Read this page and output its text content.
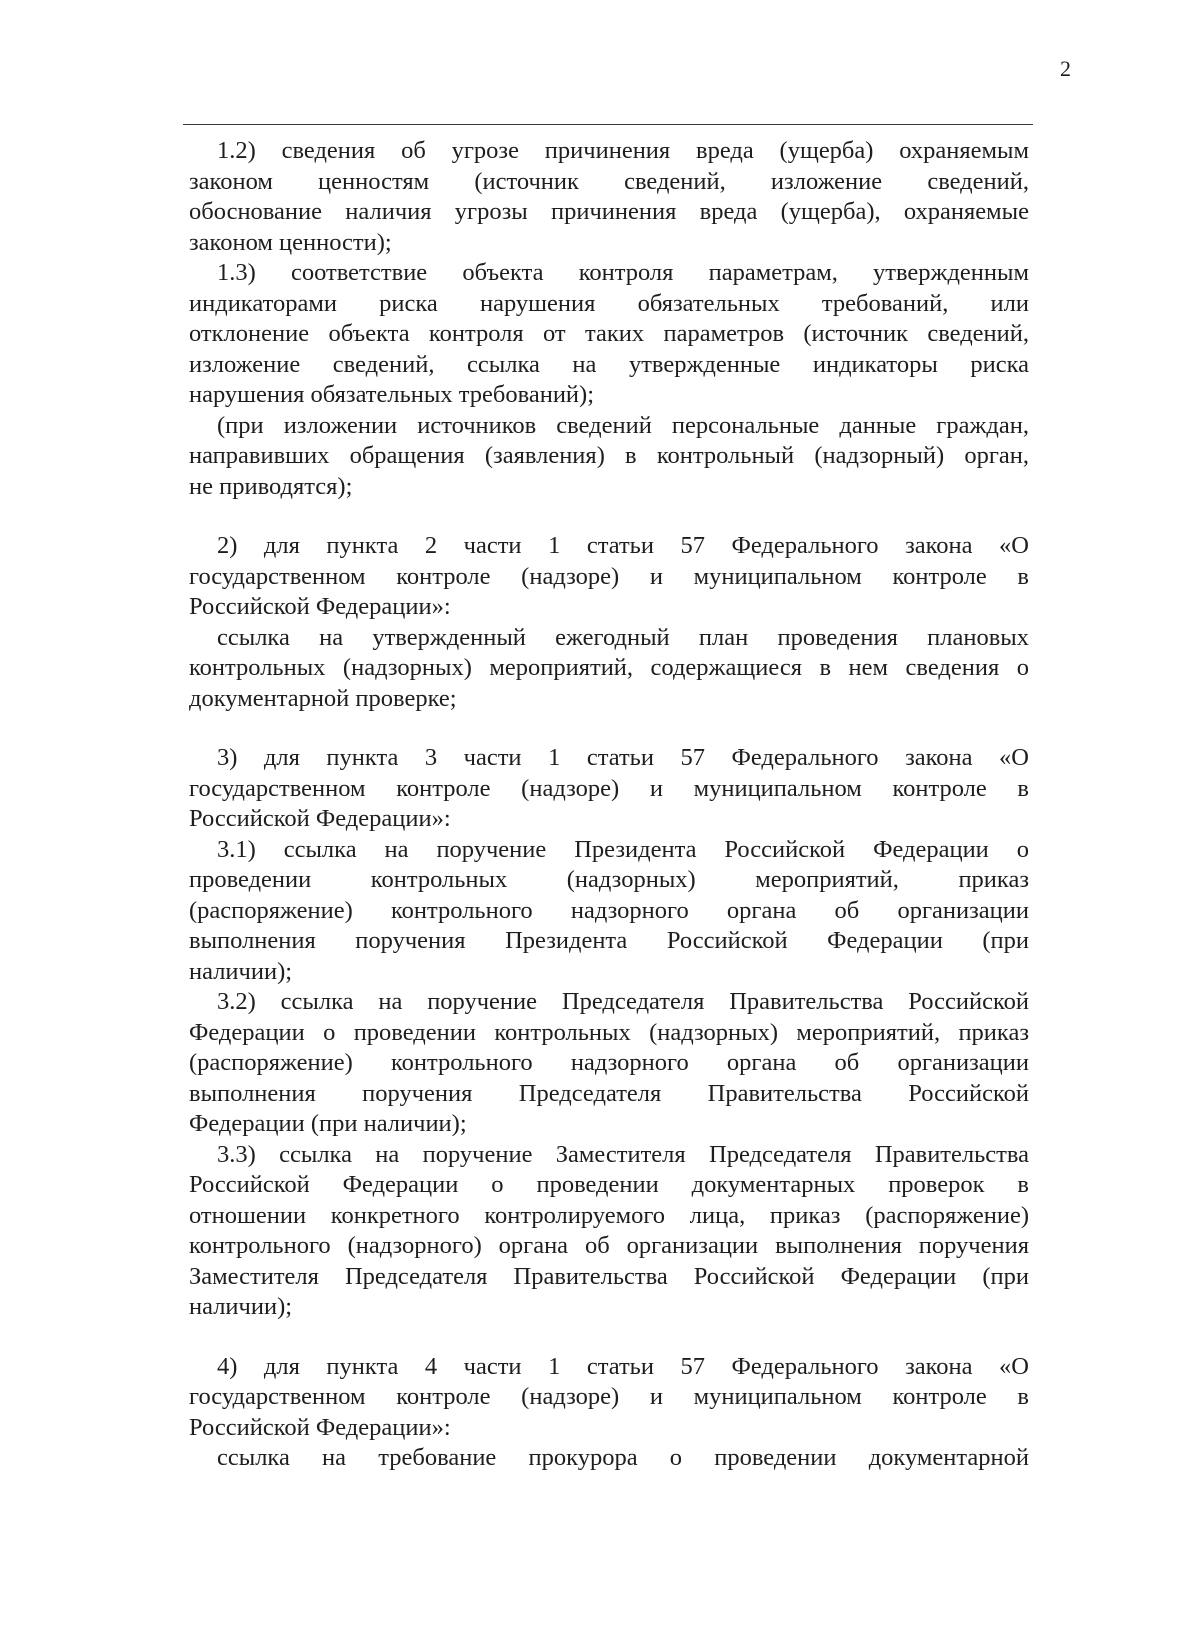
2
1.2) сведения об угрозе причинения вреда (ущерба) охраняемым
законом ценностям (источник сведений, изложение сведений,
обоснование наличия угрозы причинения вреда (ущерба), охраняемые
законом ценности);
1.3) соответствие объекта контроля параметрам, утвержденным
индикаторами риска нарушения обязательных требований, или
отклонение объекта контроля от таких параметров (источник сведений,
изложение сведений, ссылка на утвержденные индикаторы риска
нарушения обязательных требований);
(при изложении источников сведений персональные данные граждан,
направивших обращения (заявления) в контрольный (надзорный) орган,
не приводятся);
2) для пункта 2 части 1 статьи 57 Федерального закона «О
государственном контроле (надзоре) и муниципальном контроле в
Российской Федерации»:
ссылка на утвержденный ежегодный план проведения плановых
контрольных (надзорных) мероприятий, содержащиеся в нем сведения о
документарной проверке;
3) для пункта 3 части 1 статьи 57 Федерального закона «О
государственном контроле (надзоре) и муниципальном контроле в
Российской Федерации»:
3.1) ссылка на поручение Президента Российской Федерации о
проведении контрольных (надзорных) мероприятий, приказ
(распоряжение) контрольного надзорного органа об организации
выполнения поручения Президента Российской Федерации (при
наличии);
3.2) ссылка на поручение Председателя Правительства Российской
Федерации о проведении контрольных (надзорных) мероприятий, приказ
(распоряжение) контрольного надзорного органа об организации
выполнения поручения Председателя Правительства Российской
Федерации (при наличии);
3.3) ссылка на поручение Заместителя Председателя Правительства
Российской Федерации о проведении документарных проверок в
отношении конкретного контролируемого лица, приказ (распоряжение)
контрольного (надзорного) органа об организации выполнения поручения
Заместителя Председателя Правительства Российской Федерации (при
наличии);
4) для пункта 4 части 1 статьи 57 Федерального закона «О
государственном контроле (надзоре) и муниципальном контроле в
Российской Федерации»:
ссылка на требование прокурора о проведении документарной
